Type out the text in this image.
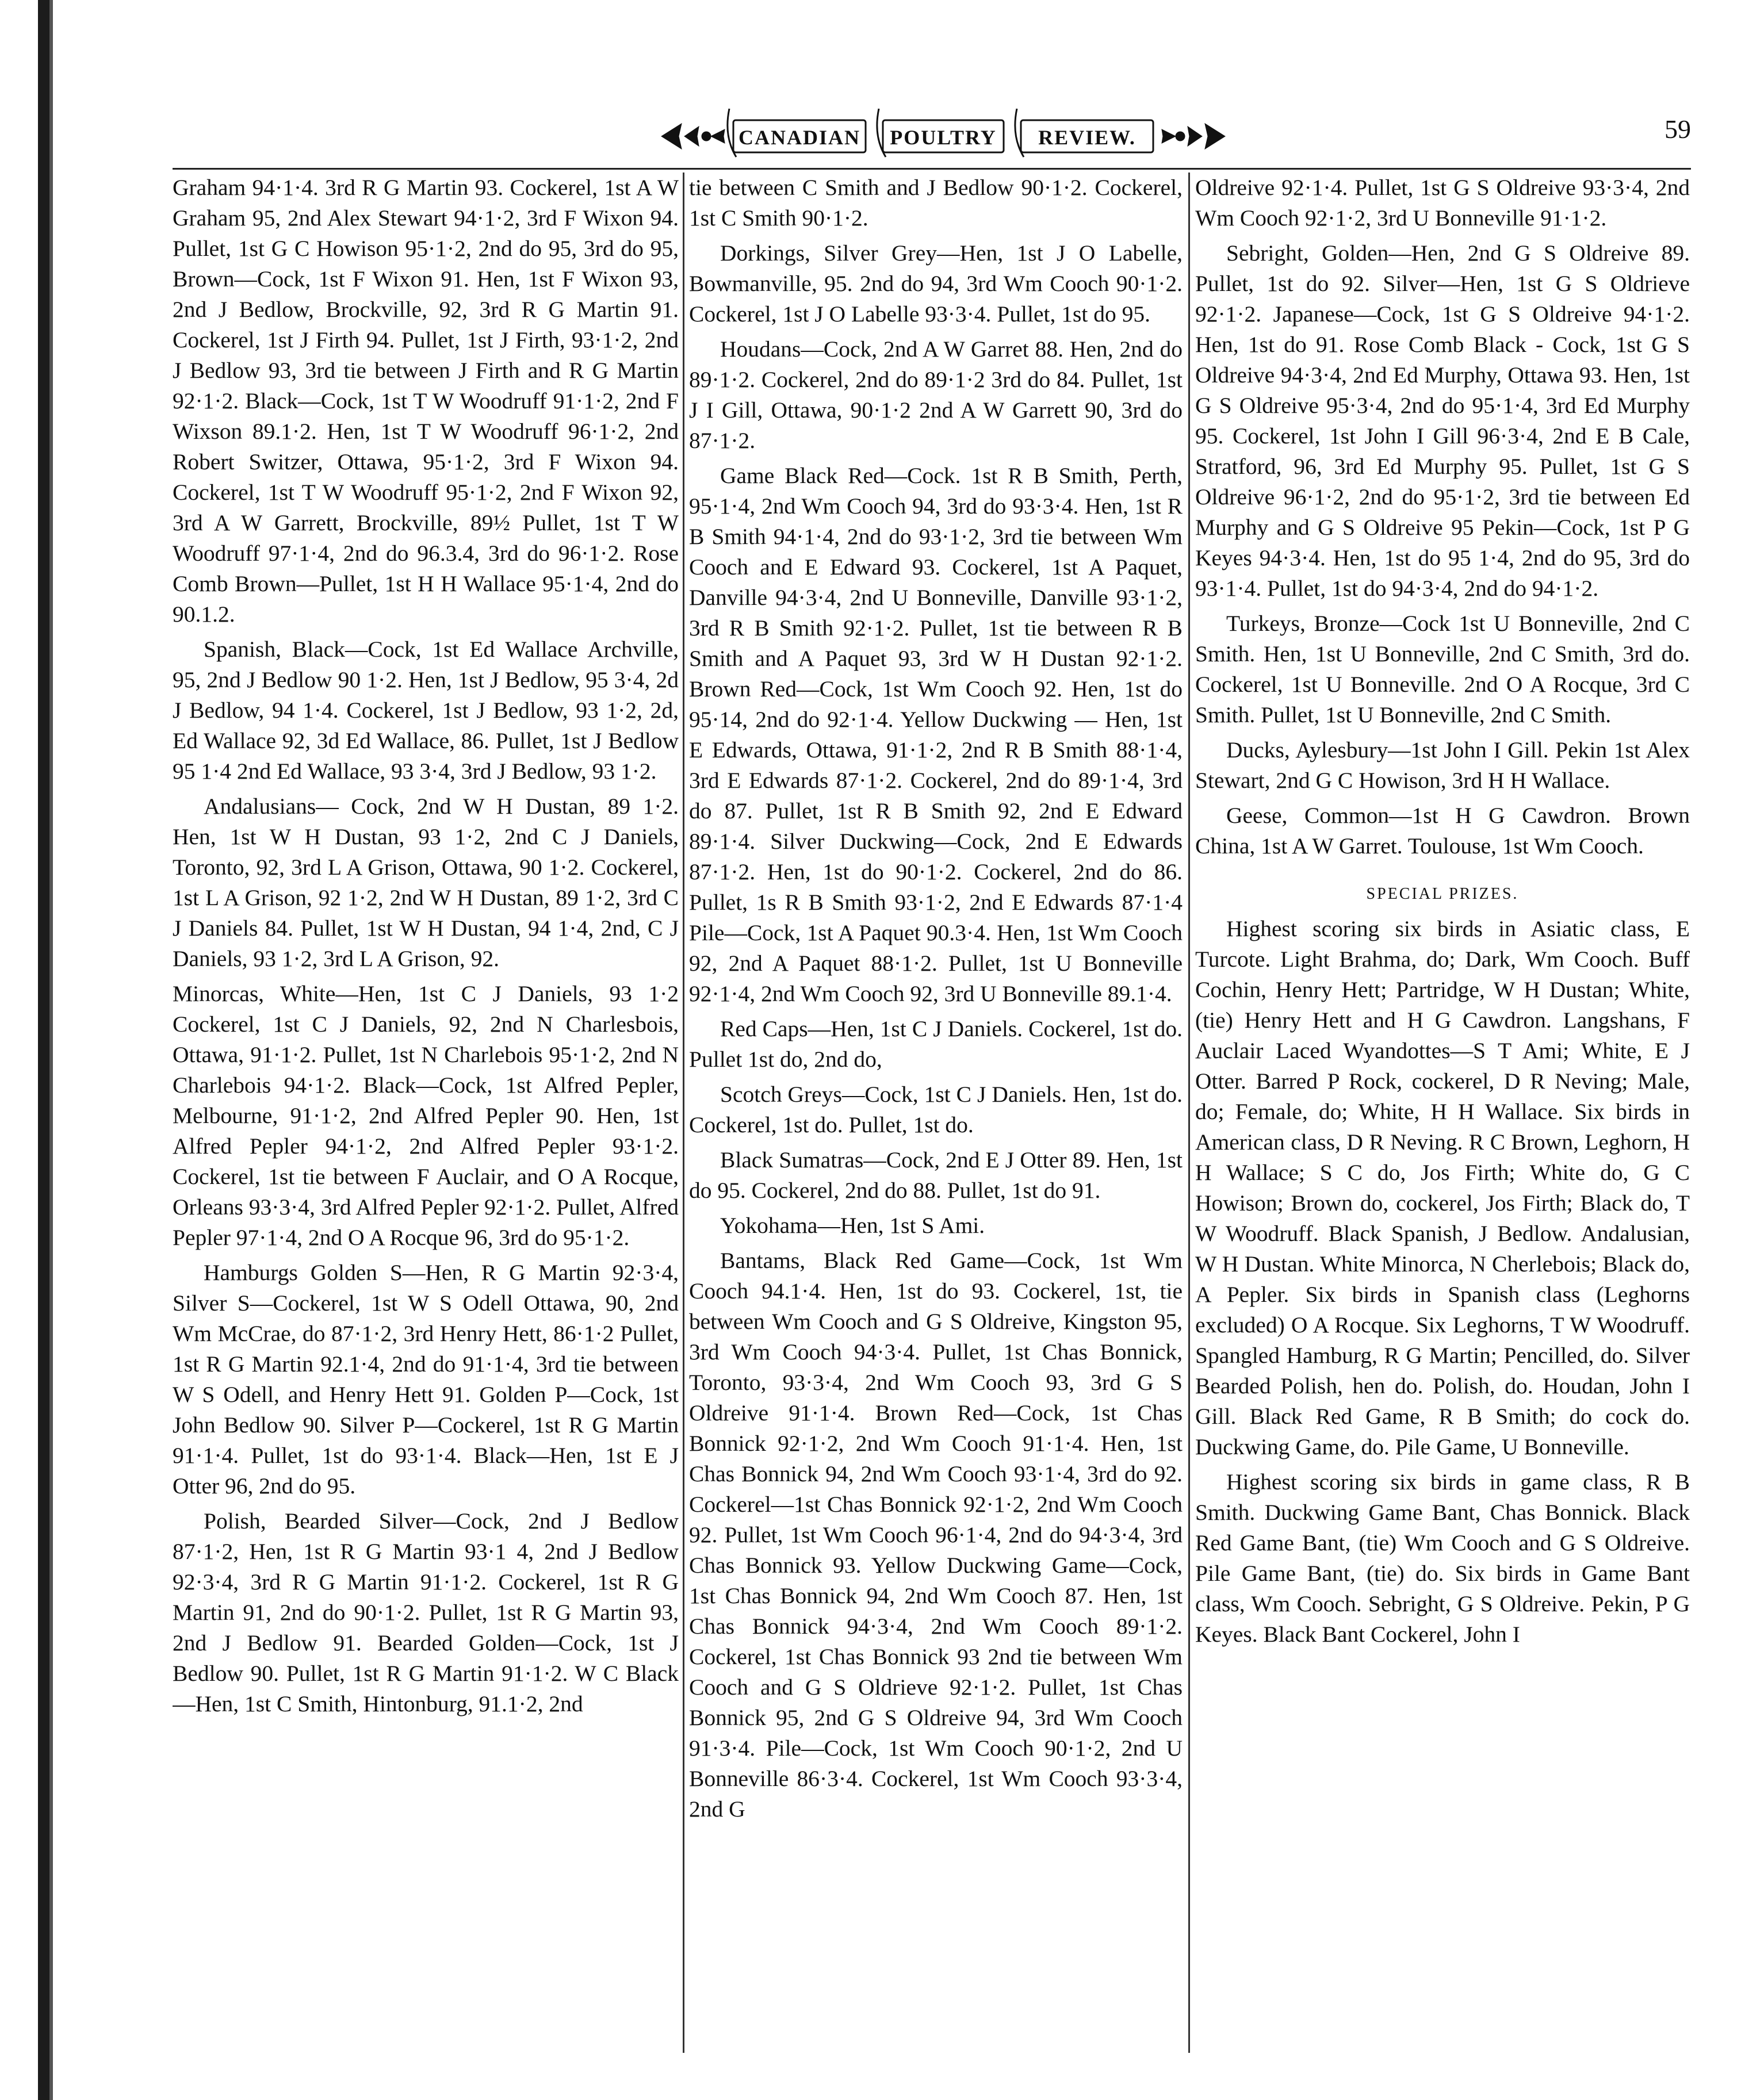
CANADIAN POULTRY REVIEW.	59

Graham 94·1·4. 3rd R G Martin 93. Cockerel, 1st A W Graham 95, 2nd Alex Stewart 94·1·2, 3rd F Wixon 94. Pullet, 1st G C Howison 95·1·2, 2nd do 95, 3rd do 95, Brown—Cock, 1st F Wixon 91. Hen, 1st F Wixon 93, 2nd J Bedlow, Brockville, 92, 3rd R G Martin 91. Cockerel, 1st J Firth 94. Pullet, 1st J Firth, 93·1·2, 2nd J Bedlow 93, 3rd tie between J Firth and R G Martin 92·1·2. Black—Cock, 1st T W Woodruff 91·1·2, 2nd F Wixson 89.1·2. Hen, 1st T W Woodruff 96·1·2, 2nd Robert Switzer, Ottawa, 95·1·2, 3rd F Wixon 94. Cockerel, 1st T W Woodruff 95·1·2, 2nd F Wixon 92, 3rd A W Garrett, Brockville, 89½ Pullet, 1st T W Woodruff 97·1·4, 2nd do 96.3.4, 3rd do 96·1·2. Rose Comb Brown—Pullet, 1st H H Wallace 95·1·4, 2nd do 90.1.2.

Spanish, Black—Cock, 1st Ed Wallace Archville, 95, 2nd J Bedlow 90 1·2. Hen, 1st J Bedlow, 95 3·4, 2d J Bedlow, 94 1·4. Cockerel, 1st J Bedlow, 93 1·2, 2d, Ed Wallace 92, 3d Ed Wallace, 86. Pullet, 1st J Bedlow 95 1·4 2nd Ed Wallace, 93 3·4, 3rd J Bedlow, 93 1·2.

Andalusians— Cock, 2nd W H Dustan, 89 1·2. Hen, 1st W H Dustan, 93 1·2, 2nd C J Daniels, Toronto, 92, 3rd L A Grison, Ottawa, 90 1·2. Cockerel, 1st L A Grison, 92 1·2, 2nd W H Dustan, 89 1·2, 3rd C J Daniels 84. Pullet, 1st W H Dustan, 94 1·4, 2nd, C J Daniels, 93 1·2, 3rd L A Grison, 92.

Minorcas, White—Hen, 1st C J Daniels, 93 1·2 Cockerel, 1st C J Daniels, 92, 2nd N Charlesbois, Ottawa, 91·1·2. Pullet, 1st N Charlebois 95·1·2, 2nd N Charlebois 94·1·2. Black—Cock, 1st Alfred Pepler, Melbourne, 91·1·2, 2nd Alfred Pepler 90. Hen, 1st Alfred Pepler 94·1·2, 2nd Alfred Pepler 93·1·2. Cockerel, 1st tie between F Auclair, and O A Rocque, Orleans 93·3·4, 3rd Alfred Pepler 92·1·2. Pullet, Alfred Pepler 97·1·4, 2nd O A Rocque 96, 3rd do 95·1·2.

Hamburgs Golden S—Hen, R G Martin 92·3·4, Silver S—Cockerel, 1st W S Odell Ottawa, 90, 2nd Wm McCrae, do 87·1·2, 3rd Henry Hett, 86·1·2 Pullet, 1st R G Martin 92.1·4, 2nd do 91·1·4, 3rd tie between W S Odell, and Henry Hett 91. Golden P—Cock, 1st John Bedlow 90. Silver P—Cockerel, 1st R G Martin 91·1·4. Pullet, 1st do 93·1·4. Black—Hen, 1st E J Otter 96, 2nd do 95.

Polish, Bearded Silver—Cock, 2nd J Bedlow 87·1·2, Hen, 1st R G Martin 93·1 4, 2nd J Bedlow 92·3·4, 3rd R G Martin 91·1·2. Cockerel, 1st R G Martin 91, 2nd do 90·1·2. Pullet, 1st R G Martin 93, 2nd J Bedlow 91. Bearded Golden—Cock, 1st J Bedlow 90. Pullet, 1st R G Martin 91·1·2. W C Black—Hen, 1st C Smith, Hintonburg, 91.1·2, 2nd

tie between C Smith and J Bedlow 90·1·2. Cockerel, 1st C Smith 90·1·2.

Dorkings, Silver Grey—Hen, 1st J O Labelle, Bowmanville, 95. 2nd do 94, 3rd Wm Cooch 90·1·2. Cockerel, 1st J O Labelle 93·3·4. Pullet, 1st do 95.

Houdans—Cock, 2nd A W Garret 88. Hen, 2nd do 89·1·2. Cockerel, 2nd do 89·1·2 3rd do 84. Pullet, 1st J I Gill, Ottawa, 90·1·2 2nd A W Garrett 90, 3rd do 87·1·2.

Game Black Red—Cock. 1st R B Smith, Perth, 95·1·4, 2nd Wm Cooch 94, 3rd do 93·3·4. Hen, 1st R B Smith 94·1·4, 2nd do 93·1·2, 3rd tie between Wm Cooch and E Edward 93. Cockerel, 1st A Paquet, Danville 94·3·4, 2nd U Bonneville, Danville 93·1·2, 3rd R B Smith 92·1·2. Pullet, 1st tie between R B Smith and A Paquet 93, 3rd W H Dustan 92·1·2. Brown Red—Cock, 1st Wm Cooch 92. Hen, 1st do 95·14, 2nd do 92·1·4. Yellow Duckwing — Hen, 1st E Edwards, Ottawa, 91·1·2, 2nd R B Smith 88·1·4, 3rd E Edwards 87·1·2. Cockerel, 2nd do 89·1·4, 3rd do 87. Pullet, 1st R B Smith 92, 2nd E Edward 89·1·4. Silver Duckwing—Cock, 2nd E Edwards 87·1·2. Hen, 1st do 90·1·2. Cockerel, 2nd do 86. Pullet, 1s R B Smith 93·1·2, 2nd E Edwards 87·1·4 Pile—Cock, 1st A Paquet 90.3·4. Hen, 1st Wm Cooch 92, 2nd A Paquet 88·1·2. Pullet, 1st U Bonneville 92·1·4, 2nd Wm Cooch 92, 3rd U Bonneville 89.1·4.

Red Caps—Hen, 1st C J Daniels. Cockerel, 1st do. Pullet 1st do, 2nd do,

Scotch Greys—Cock, 1st C J Daniels. Hen, 1st do. Cockerel, 1st do. Pullet, 1st do.

Black Sumatras—Cock, 2nd E J Otter 89. Hen, 1st do 95. Cockerel, 2nd do 88. Pullet, 1st do 91.

Yokohama—Hen, 1st S Ami.

Bantams, Black Red Game—Cock, 1st Wm Cooch 94.1·4. Hen, 1st do 93. Cockerel, 1st, tie between Wm Cooch and G S Oldreive, Kingston 95, 3rd Wm Cooch 94·3·4. Pullet, 1st Chas Bonnick, Toronto, 93·3·4, 2nd Wm Cooch 93, 3rd G S Oldreive 91·1·4. Brown Red—Cock, 1st Chas Bonnick 92·1·2, 2nd Wm Cooch 91·1·4. Hen, 1st Chas Bonnick 94, 2nd Wm Cooch 93·1·4, 3rd do 92. Cockerel—1st Chas Bonnick 92·1·2, 2nd Wm Cooch 92. Pullet, 1st Wm Cooch 96·1·4, 2nd do 94·3·4, 3rd Chas Bonnick 93. Yellow Duckwing Game—Cock, 1st Chas Bonnick 94, 2nd Wm Cooch 87. Hen, 1st Chas Bonnick 94·3·4, 2nd Wm Cooch 89·1·2. Cockerel, 1st Chas Bonnick 93 2nd tie between Wm Cooch and G S Oldrieve 92·1·2. Pullet, 1st Chas Bonnick 95, 2nd G S Oldreive 94, 3rd Wm Cooch 91·3·4. Pile—Cock, 1st Wm Cooch 90·1·2, 2nd U Bonneville 86·3·4. Cockerel, 1st Wm Cooch 93·3·4, 2nd G

Oldreive 92·1·4. Pullet, 1st G S Oldreive 93·3·4, 2nd Wm Cooch 92·1·2, 3rd U Bonneville 91·1·2.

Sebright, Golden—Hen, 2nd G S Oldreive 89. Pullet, 1st do 92. Silver—Hen, 1st G S Oldrieve 92·1·2. Japanese—Cock, 1st G S Oldreive 94·1·2. Hen, 1st do 91. Rose Comb Black - Cock, 1st G S Oldreive 94·3·4, 2nd Ed Murphy, Ottawa 93. Hen, 1st G S Oldreive 95·3·4, 2nd do 95·1·4, 3rd Ed Murphy 95. Cockerel, 1st John I Gill 96·3·4, 2nd E B Cale, Stratford, 96, 3rd Ed Murphy 95. Pullet, 1st G S Oldreive 96·1·2, 2nd do 95·1·2, 3rd tie between Ed Murphy and G S Oldreive 95 Pekin—Cock, 1st P G Keyes 94·3·4. Hen, 1st do 95 1·4, 2nd do 95, 3rd do 93·1·4. Pullet, 1st do 94·3·4, 2nd do 94·1·2.

Turkeys, Bronze—Cock 1st U Bonneville, 2nd C Smith. Hen, 1st U Bonneville, 2nd C Smith, 3rd do. Cockerel, 1st U Bonneville. 2nd O A Rocque, 3rd C Smith. Pullet, 1st U Bonneville, 2nd C Smith.

Ducks, Aylesbury—1st John I Gill. Pekin 1st Alex Stewart, 2nd G C Howison, 3rd H H Wallace.

Geese, Common—1st H G Cawdron. Brown China, 1st A W Garret. Toulouse, 1st Wm Cooch.

SPECIAL PRIZES.

Highest scoring six birds in Asiatic class, E Turcote. Light Brahma, do; Dark, Wm Cooch. Buff Cochin, Henry Hett; Partridge, W H Dustan; White, (tie) Henry Hett and H G Cawdron. Langshans, F Auclair Laced Wyandottes—S T Ami; White, E J Otter. Barred P Rock, cockerel, D R Neving; Male, do; Female, do; White, H H Wallace. Six birds in American class, D R Neving. R C Brown, Leghorn, H H Wallace; S C do, Jos Firth; White do, G C Howison; Brown do, cockerel, Jos Firth; Black do, T W Woodruff. Black Spanish, J Bedlow. Andalusian, W H Dustan. White Minorca, N Cherlebois; Black do, A Pepler. Six birds in Spanish class (Leghorns excluded) O A Rocque. Six Leghorns, T W Woodruff. Spangled Hamburg, R G Martin; Pencilled, do. Silver Bearded Polish, hen do. Polish, do. Houdan, John I Gill. Black Red Game, R B Smith; do cock do. Duckwing Game, do. Pile Game, U Bonneville.

Highest scoring six birds in game class, R B Smith. Duckwing Game Bant, Chas Bonnick. Black Red Game Bant, (tie) Wm Cooch and G S Oldreive. Pile Game Bant, (tie) do. Six birds in Game Bant class, Wm Cooch. Sebright, G S Oldreive. Pekin, P G Keyes. Black Bant Cockerel, John I
